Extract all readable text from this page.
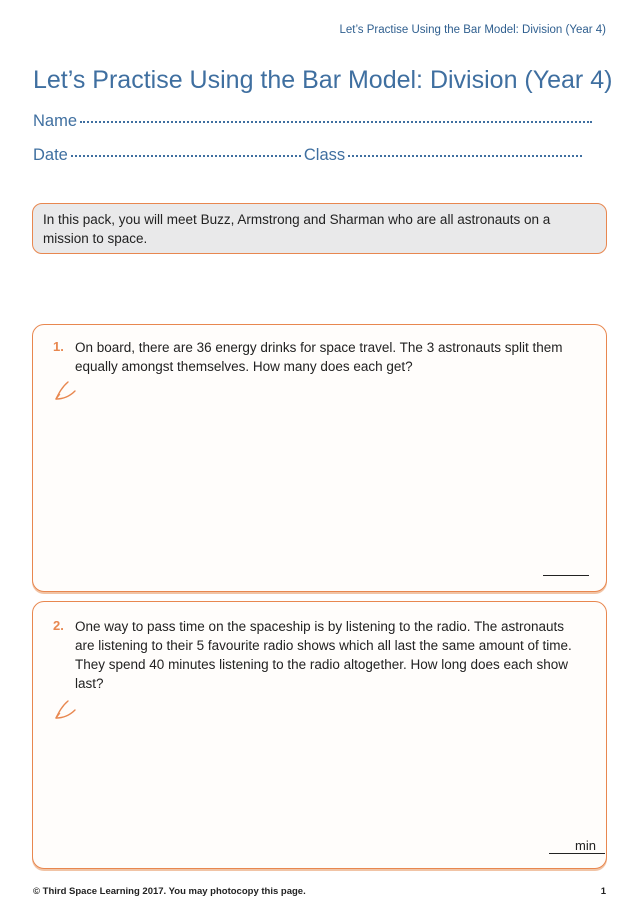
Let’s Practise Using the Bar Model: Division (Year 4)
Let’s Practise Using the Bar Model: Division (Year 4)
Name
Date	Class
In this pack, you will meet Buzz, Armstrong and Sharman who are all astronauts on a mission to space.
1. On board, there are 36 energy drinks for space travel. The 3 astronauts split them equally amongst themselves. How many does each get?
2. One way to pass time on the spaceship is by listening to the radio. The astronauts are listening to their 5 favourite radio shows which all last the same amount of time. They spend 40 minutes listening to the radio altogether. How long does each show last?
min
© Third Space Learning 2017. You may photocopy this page.	1
